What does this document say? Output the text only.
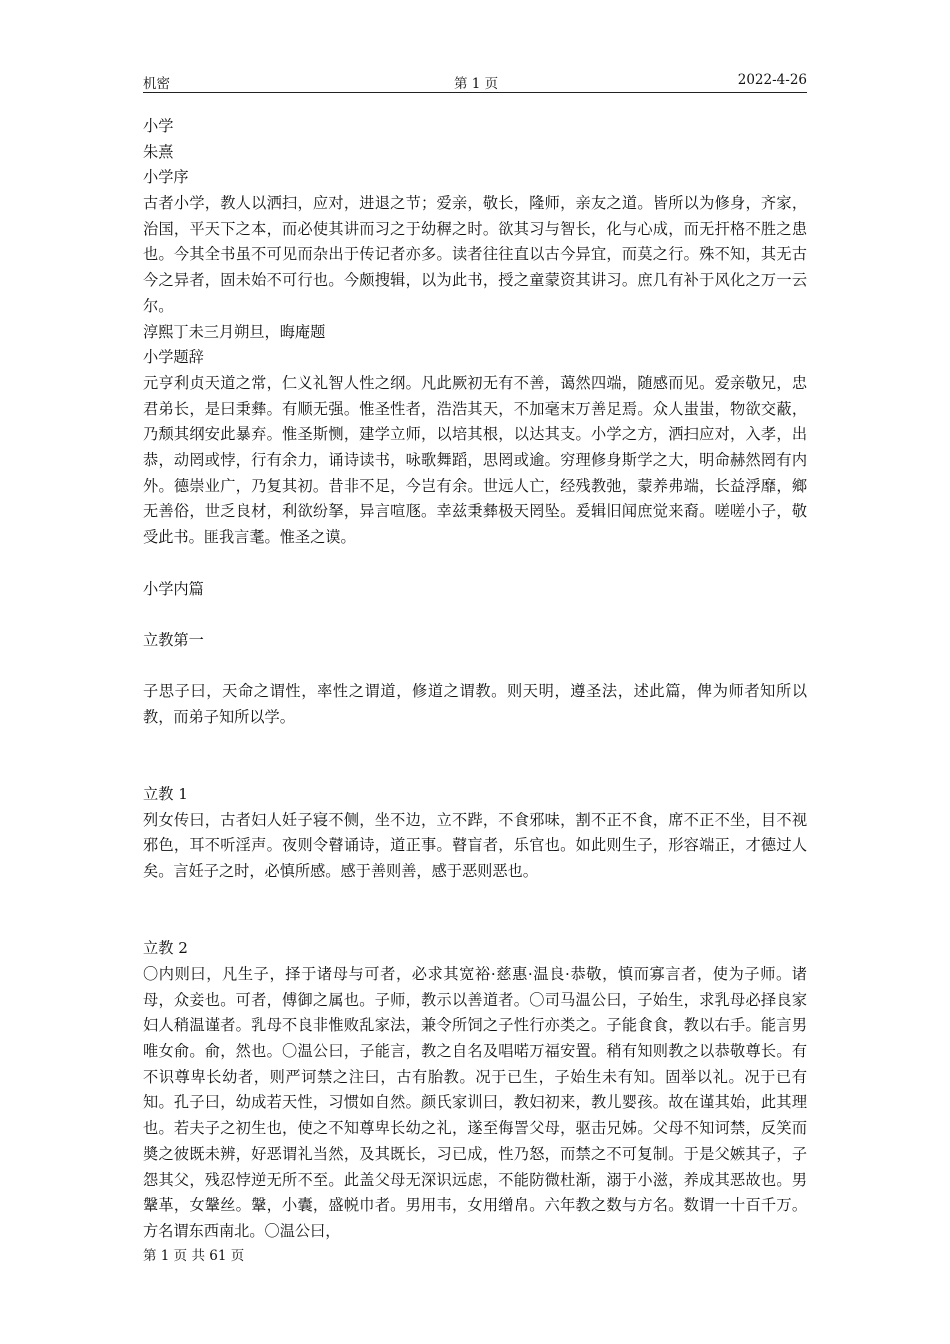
机密	第 1 页	2022-4-26
小学
朱熹
小学序
古者小学，教人以洒扫，应对，进退之节；爱亲，敬长，隆师，亲友之道。皆所以为修身，齐家，治国，平天下之本，而必使其讲而习之于幼稺之时。欲其习与智长，化与心成，而无扞格不胜之患也。今其全书虽不可见而杂出于传记者亦多。读者往往直以古今异宜，而莫之行。殊不知，其无古今之异者，固未始不可行也。今颇搜辑，以为此书，授之童蒙资其讲习。庶几有补于风化之万一云尔。
淳熙丁未三月朔旦，晦庵题
小学题辞
元亨利贞天道之常，仁义礼智人性之纲。凡此厥初无有不善，蔼然四端，随感而见。爱亲敬兄，忠君弟长，是曰秉彝。有顺无强。惟圣性者，浩浩其天，不加毫末万善足焉。众人蚩蚩，物欲交蔽，乃颓其纲安此暴弃。惟圣斯恻，建学立师，以培其根，以达其支。小学之方，洒扫应对，入孝，出恭，动罔或悖，行有余力，诵诗读书，咏歌舞蹈，思罔或逾。穷理修身斯学之大，明命赫然罔有内外。德崇业广，乃复其初。昔非不足，今岂有余。世远人亡，经残教弛，蒙养弗端，长益浮靡，鄉无善俗，世乏良材，利欲纷拏，异言喧豗。幸兹秉彝极天罔坠。爰辑旧闻庶觉来裔。嗟嗟小子，敬受此书。匪我言耄。惟圣之谟。
小学内篇
立教第一
子思子曰，天命之谓性，率性之谓道，修道之谓教。则天明，遵圣法，述此篇，俾为师者知所以教，而弟子知所以学。
立教 1
列女传曰，古者妇人妊子寝不侧，坐不边，立不跸，不食邪味，割不正不食，席不正不坐，目不视邪色，耳不听淫声。夜则令瞽诵诗，道正事。瞽盲者，乐官也。如此则生子，形容端正，才德过人矣。言妊子之时，必慎所感。感于善则善，感于恶则恶也。
立教 2
〇内则曰，凡生子，择于诸母与可者，必求其宽裕·慈惠·温良·恭敬，慎而寡言者，使为子师。诸母，众妾也。可者，傅御之属也。子师，教示以善道者。〇司马温公曰，子始生，求乳母必择良家妇人稍温谨者。乳母不良非惟败乱家法，兼令所饲之子性行亦类之。子能食食，教以右手。能言男唯女俞。俞，然也。〇温公曰，子能言，教之自名及唱喏万福安置。稍有知则教之以恭敬尊长。有不识尊卑长幼者，则严诃禁之注曰，古有胎教。况于已生，子始生未有知。固举以礼。况于已有知。孔子曰，幼成若天性，习惯如自然。颜氏家训曰，教妇初来，教儿婴孩。故在谨其始，此其理也。若夫子之初生也，使之不知尊卑长幼之礼，遂至侮詈父母，驱击兄姊。父母不知诃禁，反笑而奬之彼既未辨，好恶谓礼当然，及其既长，习已成，性乃怒，而禁之不可复制。于是父嫉其子，子怨其父，残忍悖逆无所不至。此盖父母无深识远虑，不能防微杜渐，溺于小滋，养成其恶故也。男鞶革，女鞶丝。鞶，小囊，盛帨巾者。男用韦，女用缯帛。六年教之数与方名。数谓一十百千万。方名谓东西南北。〇温公曰，
第 1 页 共 61 页
